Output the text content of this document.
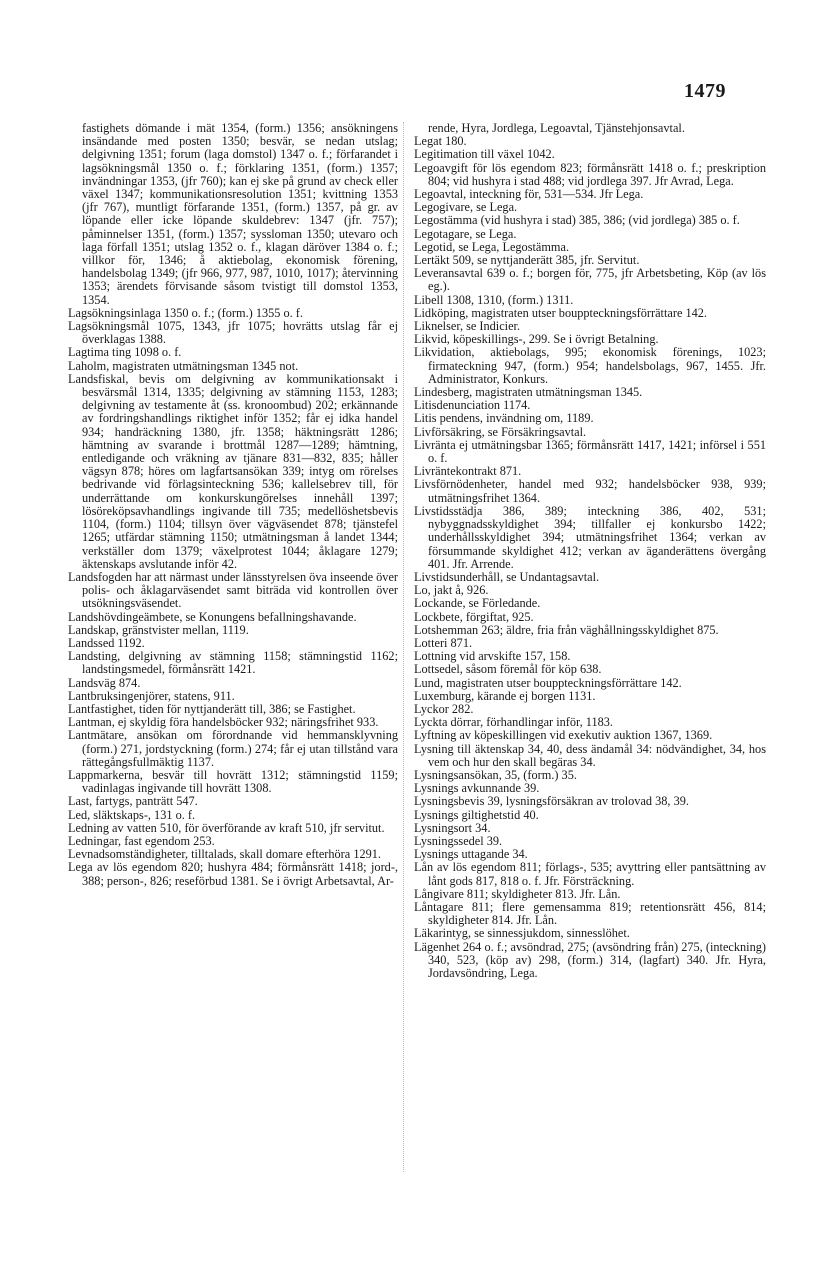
1479

fastighets dömande i mät 1354, (form.) 1356; ansökningens insändande med posten 1350; besvär, se nedan utslag; delgivning 1351; forum (laga domstol) 1347 o. f.; förfarandet i lagsökningsmål 1350 o. f.; förklaring 1351, (form.) 1357; invändningar 1353, (jfr 760); kan ej ske på grund av check eller växel 1347; kommunikationsresolution 1351; kvittning 1353 (jfr 767), muntligt förfarande 1351, (form.) 1357, på gr. av löpande eller icke löpande skuldebrev: 1347 (jfr. 757); påminnelser 1351, (form.) 1357; syssloman 1350; utevaro och laga förfall 1351; utslag 1352 o. f., klagan däröver 1384 o. f.; villkor för, 1346; å aktiebolag, ekonomisk förening, handelsbolag 1349; (jfr 966, 977, 987, 1010, 1017); återvinning 1353; ärendets förvisande såsom tvistigt till domstol 1353, 1354.

Lagsökningsinlaga 1350 o. f.; (form.) 1355 o. f.

Lagsökningsmål 1075, 1343, jfr 1075; hovrätts utslag får ej överklagas 1388.

Lagtima ting 1098 o. f.

Laholm, magistraten utmätningsman 1345 not.

Landsfiskal, bevis om delgivning av kommunikationsakt i besvärsmål 1314, 1335; delgivning av stämning 1153, 1283; delgivning av testamente åt (ss. kronoombud) 202; erkännande av fordringshandlings riktighet inför 1352; får ej idka handel 934; handräckning 1380, jfr. 1358; häktningsrätt 1286; hämtning av svarande i brottmål 1287—1289; hämtning, entledigande och vräkning av tjänare 831—832, 835; håller vägsyn 878; höres om lagfartsansökan 339; intyg om rörelses bedrivande vid förlagsinteckning 536; kallelsebrev till, för underrättande om konkurskungörelses innehåll 1397; lösöreköpsavhandlings ingivande till 735; medellöshetsbevis 1104, (form.) 1104; tillsyn över vägväsendet 878; tjänstefel 1265; utfärdar stämning 1150; utmätningsman å landet 1344; verkställer dom 1379; växelprotest 1044; åklagare 1279; äktenskaps avslutande inför 42.

Landsfogden har att närmast under länsstyrelsen öva inseende över polis- och åklagarväsendet samt biträda vid kontrollen över utsökningsväsendet.

Landshövdingeämbete, se Konungens befallningshavande.

Landskap, gränstvister mellan, 1119.

Landssed 1192.

Landsting, delgivning av stämning 1158; stämningstid 1162; landstingsmedel, förmånsrätt 1421.

Landsväg 874.

Lantbruksingenjörer, statens, 911.

Lantfastighet, tiden för nyttjanderätt till, 386; se Fastighet.

Lantman, ej skyldig föra handelsböcker 932; näringsfrihet 933.

Lantmätare, ansökan om förordnande vid hemmansklyvning (form.) 271, jordstyckning (form.) 274; får ej utan tillstånd vara rättegångsfullmäktig 1137.

Lappmarkerna, besvär till hovrätt 1312; stämningstid 1159; vadinlagas ingivande till hovrätt 1308.

Last, fartygs, panträtt 547.

Led, släktskaps-, 131 o. f.

Ledning av vatten 510, för överförande av kraft 510, jfr servitut.

Ledningar, fast egendom 253.

Levnadsomständigheter, tilltalads, skall domare efterhöra 1291.

Lega av lös egendom 820; hushyra 484; förmånsrätt 1418; jord-, 388; person-, 826; reseförbud 1381. Se i övrigt Arbetsavtal, Ar-

rende, Hyra, Jordlega, Legoavtal, Tjänstehjonsavtal.

Legat 180.

Legitimation till växel 1042.

Legoavgift för lös egendom 823; förmånsrätt 1418 o. f.; preskription 804; vid hushyra i stad 488; vid jordlega 397. Jfr Avrad, Lega.

Legoavtal, inteckning för, 531—534. Jfr Lega.

Legogivare, se Lega.

Legostämma (vid hushyra i stad) 385, 386; (vid jordlega) 385 o. f.

Legotagare, se Lega.

Legotid, se Lega, Legostämma.

Lertäkt 509, se nyttjanderätt 385, jfr. Servitut.

Leveransavtal 639 o. f.; borgen för, 775, jfr Arbetsbeting, Köp (av lös eg.).

Libell 1308, 1310, (form.) 1311.

Lidköping, magistraten utser bouppteckningsförrättare 142.

Liknelser, se Indicier.

Likvid, köpeskillings-, 299. Se i övrigt Betalning.

Likvidation, aktiebolags, 995; ekonomisk förenings, 1023; firmateckning 947, (form.) 954; handelsbolags, 967, 1455. Jfr. Administrator, Konkurs.

Lindesberg, magistraten utmätningsman 1345.

Litisdenunciation 1174.

Litis pendens, invändning om, 1189.

Livförsäkring, se Försäkringsavtal.

Livränta ej utmätningsbar 1365; förmånsrätt 1417, 1421; införsel i 551 o. f.

Livräntekontrakt 871.

Livsförnödenheter, handel med 932; handelsböcker 938, 939; utmätningsfrihet 1364.

Livstidsstädja 386, 389; inteckning 386, 402, 531; nybyggnadsskyldighet 394; tillfaller ej konkursbo 1422; underhållsskyldighet 394; utmätningsfrihet 1364; verkan av försummande skyldighet 412; verkan av äganderättens övergång 401. Jfr. Arrende.

Livstidsunderhåll, se Undantagsavtal.

Lo, jakt å, 926.

Lockande, se Förledande.

Lockbete, förgiftat, 925.

Lotshemman 263; äldre, fria från väghållningsskyldighet 875.

Lotteri 871.

Lottning vid arvskifte 157, 158.

Lottsedel, såsom föremål för köp 638.

Lund, magistraten utser bouppteckningsförrättare 142.

Luxemburg, kärande ej borgen 1131.

Lyckor 282.

Lyckta dörrar, förhandlingar inför, 1183.

Lyftning av köpeskillingen vid exekutiv auktion 1367, 1369.

Lysning till äktenskap 34, 40, dess ändamål 34: nödvändighet, 34, hos vem och hur den skall begäras 34.

Lysningsansökan, 35, (form.) 35.

Lysnings avkunnande 39.

Lysningsbevis 39, lysningsförsäkran av trolovad 38, 39.

Lysnings giltighetstid 40.

Lysningsort 34.

Lysningssedel 39.

Lysnings uttagande 34.

Lån av lös egendom 811; förlags-, 535; avyttring eller pantsättning av lånt gods 817, 818 o. f. Jfr. Försträckning.

Långivare 811; skyldigheter 813. Jfr. Lån.

Låntagare 811; flere gemensamma 819; retentionsrätt 456, 814; skyldigheter 814. Jfr. Lån.

Läkarintyg, se sinnessjukdom, sinnesslöhet.

Lägenhet 264 o. f.; avsöndrad, 275; (avsöndring från) 275, (inteckning) 340, 523, (köp av) 298, (form.) 314, (lagfart) 340. Jfr. Hyra, Jordavsöndring, Lega.
